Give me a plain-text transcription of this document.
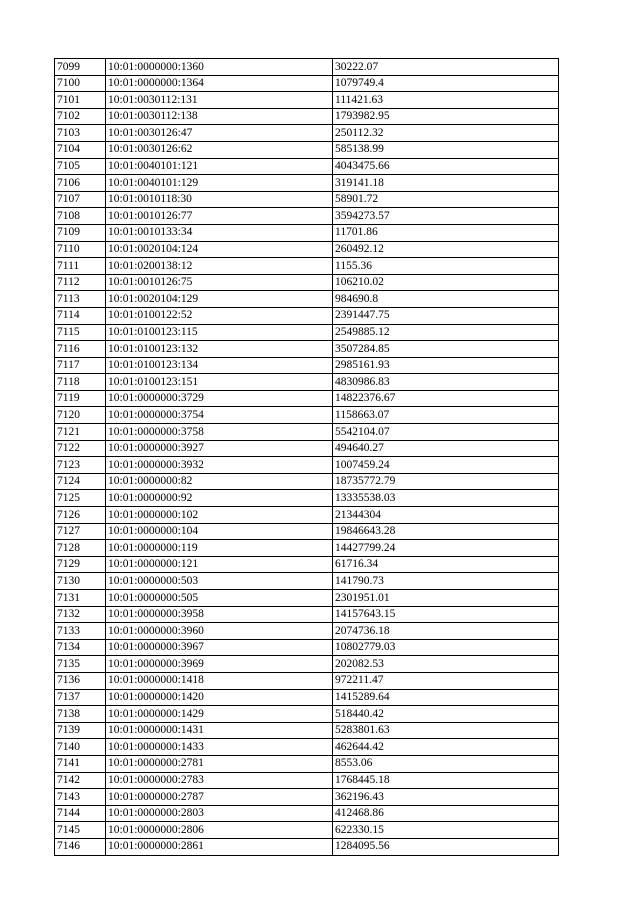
7099	10:01:0000000:1360	30222.07
7100	10:01:0000000:1364	1079749.4
7101	10:01:0030112:131	111421.63
7102	10:01:0030112:138	1793982.95
7103	10:01:0030126:47	250112.32
7104	10:01:0030126:62	585138.99
7105	10:01:0040101:121	4043475.66
7106	10:01:0040101:129	319141.18
7107	10:01:0010118:30	58901.72
7108	10:01:0010126:77	3594273.57
7109	10:01:0010133:34	11701.86
7110	10:01:0020104:124	260492.12
7111	10:01:0200138:12	1155.36
7112	10:01:0010126:75	106210.02
7113	10:01:0020104:129	984690.8
7114	10:01:0100122:52	2391447.75
7115	10:01:0100123:115	2549885.12
7116	10:01:0100123:132	3507284.85
7117	10:01:0100123:134	2985161.93
7118	10:01:0100123:151	4830986.83
7119	10:01:0000000:3729	14822376.67
7120	10:01:0000000:3754	1158663.07
7121	10:01:0000000:3758	5542104.07
7122	10:01:0000000:3927	494640.27
7123	10:01:0000000:3932	1007459.24
7124	10:01:0000000:82	18735772.79
7125	10:01:0000000:92	13335538.03
7126	10:01:0000000:102	21344304
7127	10:01:0000000:104	19846643.28
7128	10:01:0000000:119	14427799.24
7129	10:01:0000000:121	61716.34
7130	10:01:0000000:503	141790.73
7131	10:01:0000000:505	2301951.01
7132	10:01:0000000:3958	14157643.15
7133	10:01:0000000:3960	2074736.18
7134	10:01:0000000:3967	10802779.03
7135	10:01:0000000:3969	202082.53
7136	10:01:0000000:1418	972211.47
7137	10:01:0000000:1420	1415289.64
7138	10:01:0000000:1429	518440.42
7139	10:01:0000000:1431	5283801.63
7140	10:01:0000000:1433	462644.42
7141	10:01:0000000:2781	8553.06
7142	10:01:0000000:2783	1768445.18
7143	10:01:0000000:2787	362196.43
7144	10:01:0000000:2803	412468.86
7145	10:01:0000000:2806	622330.15
7146	10:01:0000000:2861	1284095.56
